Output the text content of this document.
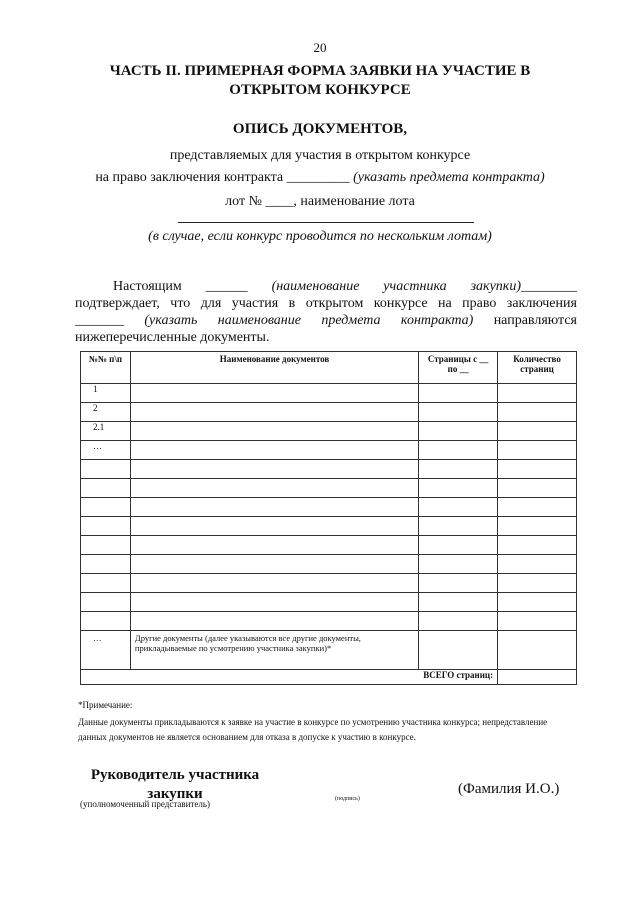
20
ЧАСТЬ II. ПРИМЕРНАЯ ФОРМА ЗАЯВКИ НА УЧАСТИЕ В
ОТКРЫТОМ КОНКУРСЕ
ОПИСЬ ДОКУМЕНТОВ,
представляемых для участия в открытом конкурсе
на право заключения контракта _________ (указать предмета контракта)
лот № ____, наименование лота
(в случае, если конкурс проводится по нескольким лотам)
Настоящим ______ (наименование участника закупки)________
подтверждает, что для участия в открытом конкурсе на право заключения
_______ (указать наименование предмета контракта) направляются
нижеперечисленные документы.
№№ п\п	Наименование документов	Страницы с __ по __	Количество страниц
1			
2			
2.1			
…			

…	Другие документы (далее указываются все другие документы, прикладываемые по усмотрению участника закупки)*		
ВСЕГО страниц:			
*Примечание:
Данные документы прикладываются к заявке на участие в конкурсе по усмотрению участника конкурса; непредставление данных документов не является основанием для отказа в допуске к участию в конкурсе.
Руководитель участника
закупки
(уполномоченный представитель)	(подпись)
(Фамилия И.О.)
